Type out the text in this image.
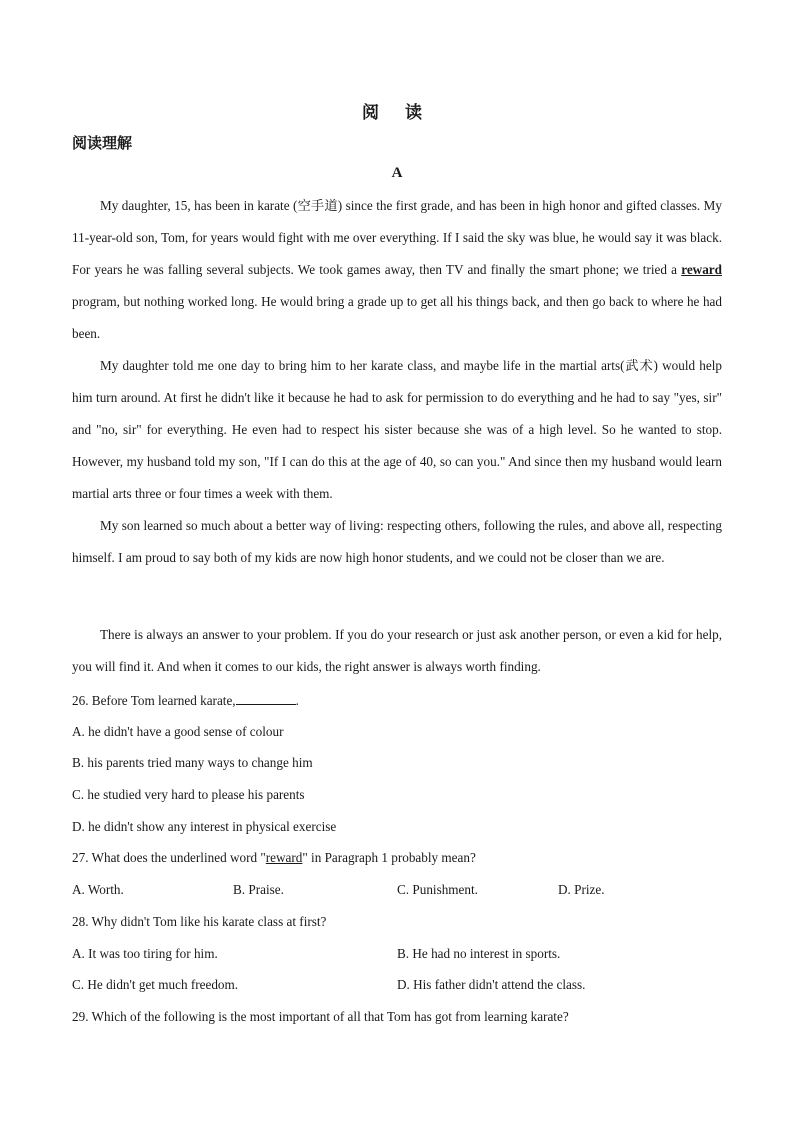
阅 读
阅读理解
A

My daughter, 15, has been in karate (空手道) since the first grade, and has been in high honor and gifted classes. My 11-year-old son, Tom, for years would fight with me over everything. If I said the sky was blue, he would say it was black. For years he was falling several subjects. We took games away, then TV and finally the smart phone; we tried a reward program, but nothing worked long. He would bring a grade up to get all his things back, and then go back to where he had been.

My daughter told me one day to bring him to her karate class, and maybe life in the martial arts(武术) would help him turn around. At first he didn't like it because he had to ask for permission to do everything and he had to say "yes, sir" and "no, sir" for everything. He even had to respect his sister because she was of a high level. So he wanted to stop. However, my husband told my son, "If I can do this at the age of 40, so can you." And since then my husband would learn martial arts three or four times a week with them.

My son learned so much about a better way of living: respecting others, following the rules, and above all, respecting himself. I am proud to say both of my kids are now high honor students, and we could not be closer than we are.

There is always an answer to your problem. If you do your research or just ask another person, or even a kid for help, you will find it. And when it comes to our kids, the right answer is always worth finding.

26. Before Tom learned karate,	.
A. he didn't have a good sense of colour
B. his parents tried many ways to change him
C. he studied very hard to please his parents
D. he didn't show any interest in physical exercise
27. What does the underlined word "reward" in Paragraph 1 probably mean?
A. Worth.	B. Praise.	C. Punishment.	D. Prize.
28. Why didn't Tom like his karate class at first?
A. It was too tiring for him.	B. He had no interest in sports.
C. He didn't get much freedom.	D. His father didn't attend the class.
29. Which of the following is the most important of all that Tom has got from learning karate?
